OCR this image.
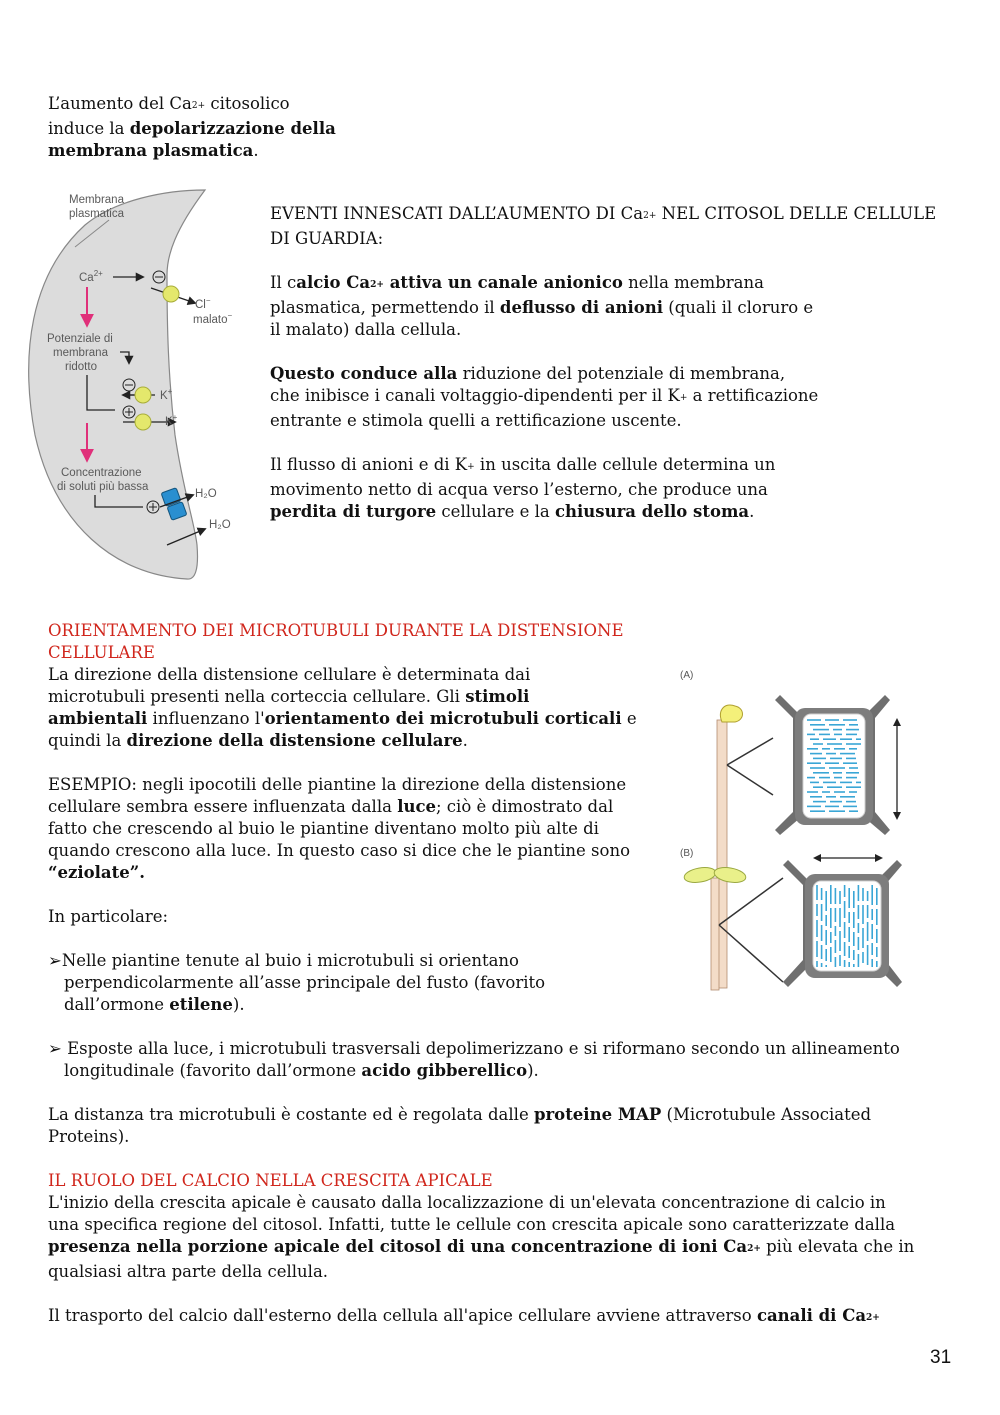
L’aumento del $Ca^{2+}$ citosolico

induce la depolarizzazione della

membrana plasmatica.

Membrana
plasmatica
$Ca^{2+}$
Cl−
malato−
Potenziale di
membrana
ridotto
K+
K+
Concentrazione
di soluti più bassa
H₂O
H₂O

EVENTI INNESCATI DALL’AUMENTO DI $Ca^{2+}$ NEL CITOSOL DELLE CELLULE

DI GUARDIA:

Il calcio $Ca^{2+}$ attiva un canale anionico nella membrana

plasmatica, permettendo il deflusso di anioni (quali il cloruro e

il malato) dalla cellula.

Questo conduce alla riduzione del potenziale di membrana,

che inibisce i canali voltaggio-dipendenti per il K+ a rettificazione

entrante e stimola quelli a rettificazione uscente.

Il flusso di anioni e di K+ in uscita dalle cellule determina un

movimento netto di acqua verso l’esterno, che produce una

perdita di turgore cellulare e la chiusura dello stoma.

ORIENTAMENTO DEI MICROTUBULI DURANTE LA DISTENSIONE

CELLULARE

La direzione della distensione cellulare è determinata dai

microtubuli presenti nella corteccia cellulare. Gli stimoli

ambientali influenzano l'orientamento dei microtubuli corticali e

quindi la direzione della distensione cellulare.

ESEMPIO: negli ipocotili delle piantine la direzione della distensione

cellulare sembra essere influenzata dalla luce; ciò è dimostrato dal

fatto che crescendo al buio le piantine diventano molto più alte di

quando crescono alla luce. In questo caso si dice che le piantine sono

“eziolate”.

In particolare:

➢Nelle piantine tenute al buio i microtubuli si orientano

perpendicolarmente all’asse principale del fusto (favorito

dall’ormone etilene).

(A)
(B)

➢ Esposte alla luce, i microtubuli trasversali depolimerizzano e si riformano secondo un allineamento

longitudinale (favorito dall’ormone acido gibberellico).

La distanza tra microtubuli è costante ed è regolata dalle proteine MAP (Microtubule Associated

Proteins).

IL RUOLO DEL CALCIO NELLA CRESCITA APICALE

L'inizio della crescita apicale è causato dalla localizzazione di un'elevata concentrazione di calcio in

una specifica regione del citosol. Infatti, tutte le cellule con crescita apicale sono caratterizzate dalla

presenza nella porzione apicale del citosol di una concentrazione di ioni $Ca^{2+}$ più elevata che in

qualsiasi altra parte della cellula.

Il trasporto del calcio dall'esterno della cellula all'apice cellulare avviene attraverso canali di $Ca^{2+}$

31
